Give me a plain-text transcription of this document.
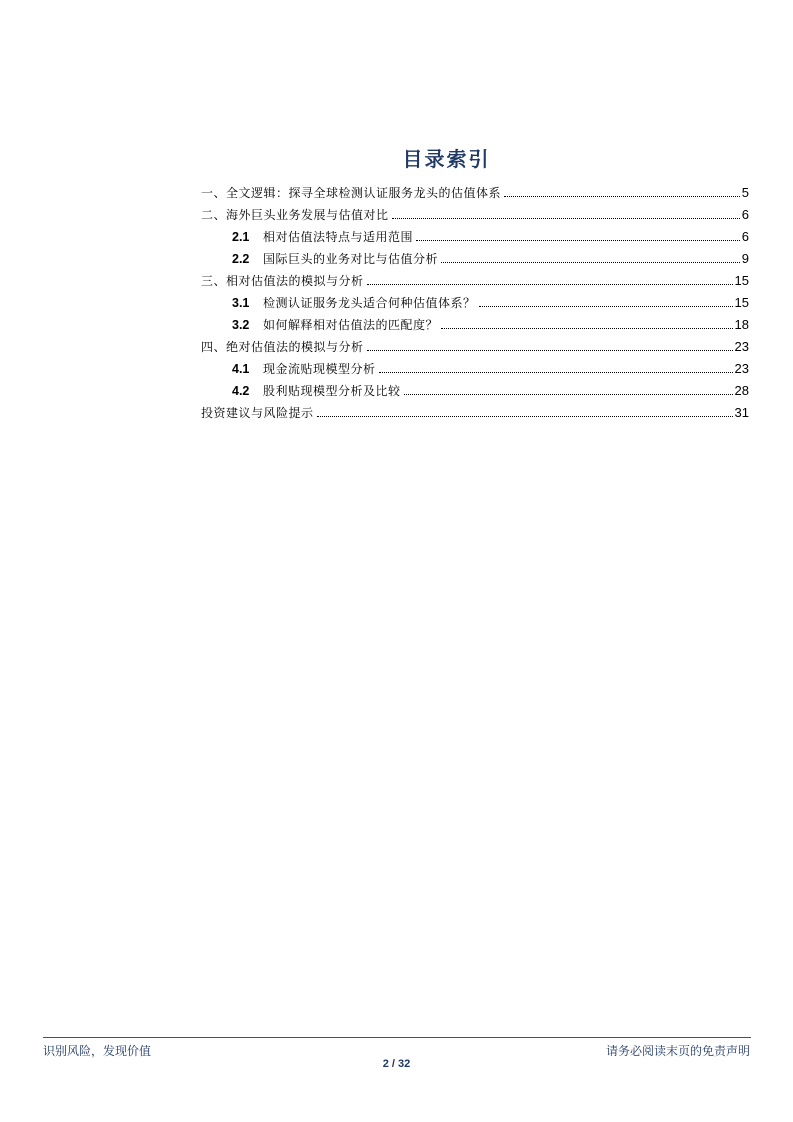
目录索引
一、全文逻辑：探寻全球检测认证服务龙头的估值体系	5
二、海外巨头业务发展与估值对比	6
2.1	相对估值法特点与适用范围	6
2.2	国际巨头的业务对比与估值分析	9
三、相对估值法的模拟与分析	15
3.1	检测认证服务龙头适合何种估值体系？	15
3.2	如何解释相对估值法的匹配度？	18
四、绝对估值法的模拟与分析	23
4.1	现金流贴现模型分析	23
4.2	股利贴现模型分析及比较	28
投资建议与风险提示	31
识别风险，发现价值	请务必阅读末页的免责声明
2 / 32
